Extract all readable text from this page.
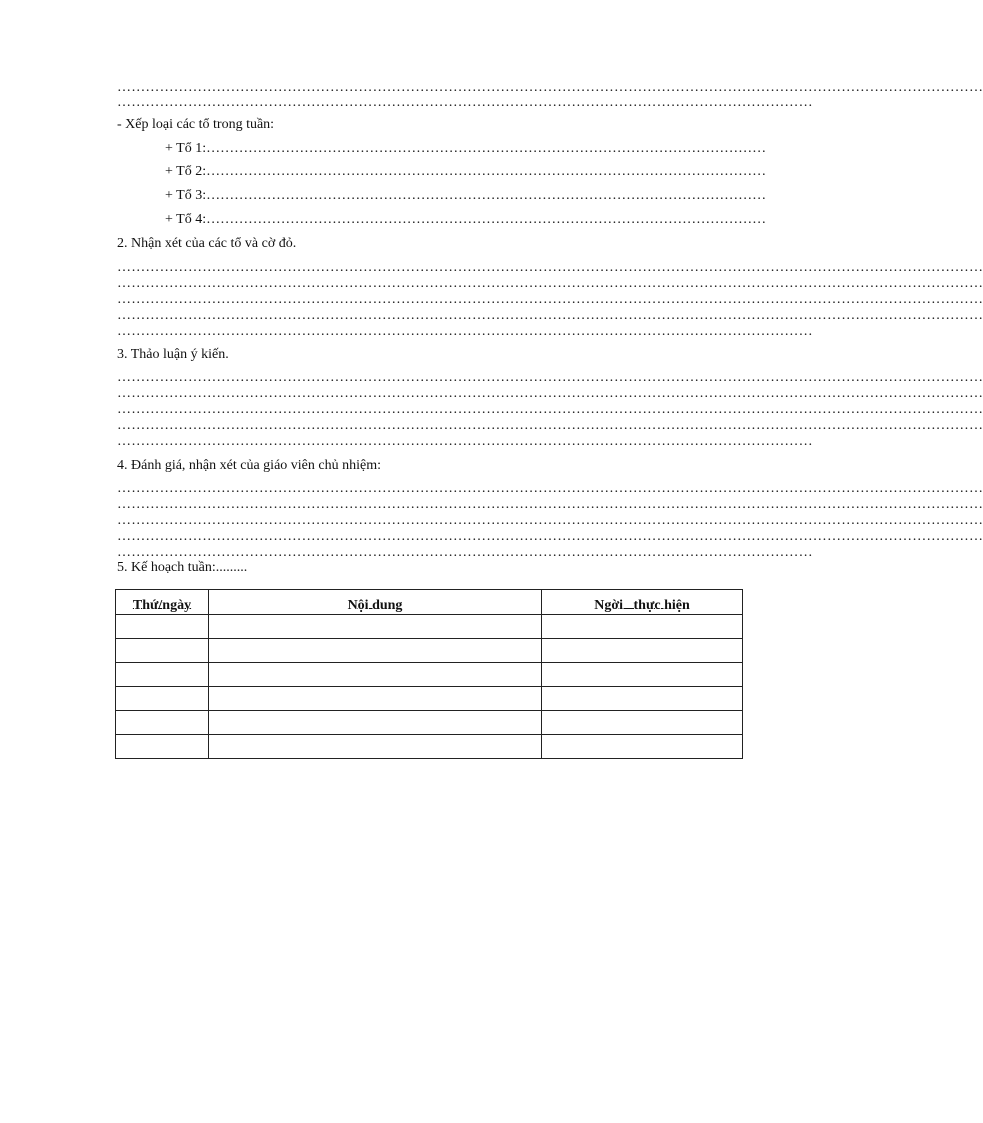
…………………………………………………………………………………………………………………………………………………………………
…………………………………………………………………………………………………………………………………
- Xếp loại các tổ trong tuần:
+ Tổ 1:…………………………………………………………………………………………………………
+ Tổ 2:…………………………………………………………………………………………………………
+ Tổ 3:…………………………………………………………………………………………………………
+ Tổ 4:…………………………………………………………………………………………………………
2. Nhận xét của các tổ và cờ đỏ.
…………………………………………………………………………………………………………………………………………………………………
…………………………………………………………………………………………………………………………………………………………………
…………………………………………………………………………………………………………………………………………………………………
…………………………………………………………………………………………………………………………………………………………………
…………………………………………………………………………………………………………………………………
3. Thảo luận ý kiến.
…………………………………………………………………………………………………………………………………………………………………
…………………………………………………………………………………………………………………………………………………………………
…………………………………………………………………………………………………………………………………………………………………
…………………………………………………………………………………………………………………………………………………………………
…………………………………………………………………………………………………………………………………
4. Đánh giá, nhận xét của giáo viên chủ nhiệm:
…………………………………………………………………………………………………………………………………………………………………
…………………………………………………………………………………………………………………………………………………………………
…………………………………………………………………………………………………………………………………………………………………
…………………………………………………………………………………………………………………………………………………………………
…………………………………………………………………………………………………………………………………
5. Kế hoạch tuần:.........
Thứ/ngày	Nội dung	Ngời   thực hiện
